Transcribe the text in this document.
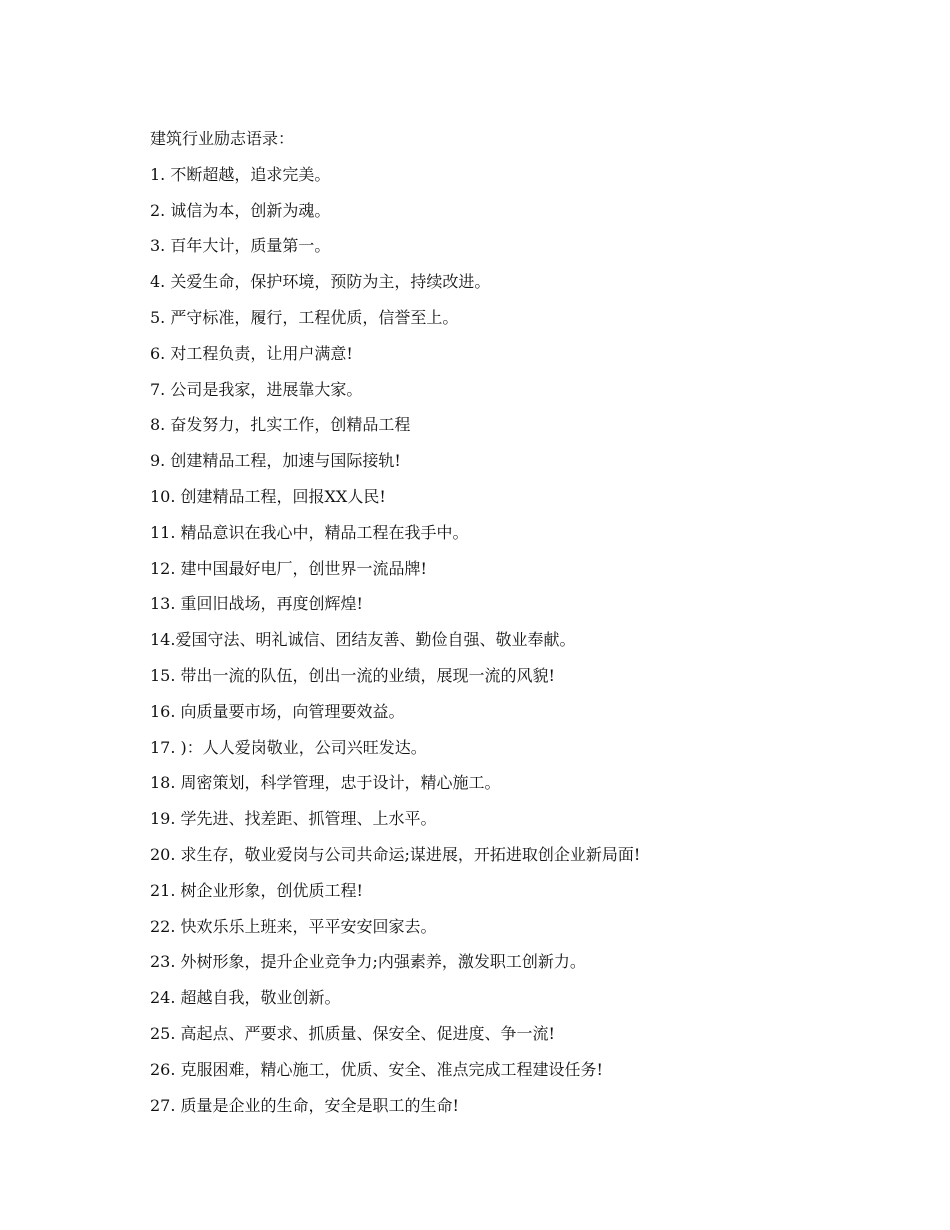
建筑行业励志语录：

1. 不断超越，追求完美。

2. 诚信为本，创新为魂。

3. 百年大计，质量第一。

4. 关爱生命，保护环境，预防为主，持续改进。

5. 严守标准，履行，工程优质，信誉至上。

6. 对工程负责，让用户满意!

7. 公司是我家，进展靠大家。

8. 奋发努力，扎实工作，创精品工程

9. 创建精品工程，加速与国际接轨!

10. 创建精品工程，回报XX人民!

11. 精品意识在我心中，精品工程在我手中。

12. 建中国最好电厂，创世界一流品牌!

13. 重回旧战场，再度创辉煌!

14.爱国守法、明礼诚信、团结友善、勤俭自强、敬业奉献。

15. 带出一流的队伍，创出一流的业绩，展现一流的风貌!

16. 向质量要市场，向管理要效益。

17. )：人人爱岗敬业，公司兴旺发达。

18. 周密策划，科学管理，忠于设计，精心施工。

19. 学先进、找差距、抓管理、上水平。

20. 求生存，敬业爱岗与公司共命运;谋进展，开拓进取创企业新局面!

21. 树企业形象，创优质工程!

22. 快欢乐乐上班来，平平安安回家去。

23. 外树形象，提升企业竞争力;内强素养，激发职工创新力。

24. 超越自我，敬业创新。

25. 高起点、严要求、抓质量、保安全、促进度、争一流!

26. 克服困难，精心施工，优质、安全、准点完成工程建设任务!

27. 质量是企业的生命，安全是职工的生命!
